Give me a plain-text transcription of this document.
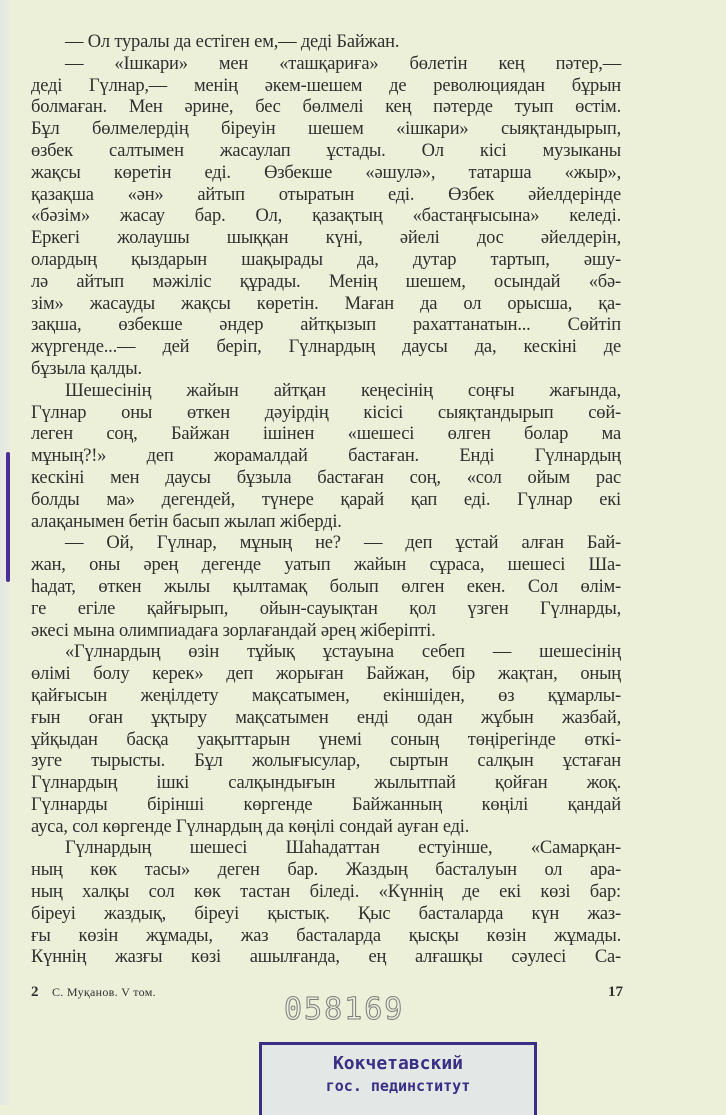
— Ол туралы да естіген ем,— деді Байжан.
— «Ішкари» мен «ташқариға» бөлетін кең пәтер,—
деді Гүлнар,— менің әкем-шешем де революциядан бұрын
болмаған. Мен әрине, бес бөлмелі кең пәтерде туып өстім.
Бұл бөлмелердің біреуін шешем «ішкари» сыяқтандырып,
өзбек салтымен жасаулап ұстады. Ол кісі музыканы
жақсы көретін еді. Өзбекше «әшулә», татарша «жыр»,
қазақша «ән» айтып отыратын еді. Өзбек әйелдерінде
«бәзім» жасау бар. Ол, қазақтың «бастаңғысына» келеді.
Еркегі жолаушы шыққан күні, әйелі дос әйелдерін,
олардың қыздарын шақырады да, дутар тартып, әшу-
лә айтып мәжіліс құрады. Менің шешем, осындай «бә-
зім» жасауды жақсы көретін. Маған да ол орысша, қа-
зақша, өзбекше әндер айтқызып рахаттанатын... Сөйтіп
жүргенде...— дей беріп, Гүлнардың даусы да, кескіні де
бұзыла қалды.
Шешесінің жайын айтқан кеңесінің соңғы жағында,
Гүлнар оны өткен дәуірдің кісісі сыяқтандырып сөй-
леген соң, Байжан ішінен «шешесі өлген болар ма
мұның?!» деп жорамалдай бастаған. Енді Гүлнардың
кескіні мен даусы бұзыла бастаған соң, «сол ойым рас
болды ма» дегендей, түнере қарай қап еді. Гүлнар екі
алақанымен бетін басып жылап жіберді.
— Ой, Гүлнар, мұның не? — деп ұстай алған Бай-
жан, оны әрең дегенде уатып жайын сұраса, шешесі Ша-
һадат, өткен жылы қылтамақ болып өлген екен. Сол өлім-
ге егіле қайғырып, ойын-сауықтан қол үзген Гүлнарды,
әкесі мына олимпиадаға зорлағандай әрең жіберіпті.
«Гүлнардың өзін тұйық ұстауына себеп — шешесінің
өлімі болу керек» деп жорыған Байжан, бір жақтан, оның
қайғысын жеңілдету мақсатымен, екіншіден, өз құмарлы-
ғын оған ұқтыру мақсатымен енді одан жұбын жазбай,
ұйқыдан басқа уақыттарын үнемі соның төңірегінде өткі-
зуге тырысты. Бұл жолығысулар, сыртын салқын ұстаған
Гүлнардың ішкі салқындығын жылытпай қойған жоқ.
Гүлнарды бірінші көргенде Байжанның көңілі қандай
ауса, сол көргенде Гүлнардың да көңілі сондай ауған еді.
Гүлнардың шешесі Шаһадаттан естуінше, «Самарқан-
ның көк тасы» деген бар. Жаздың басталуын ол ара-
ның халқы сол көк тастан біледі. «Күннің де екі көзі бар:
біреуі жаздық, біреуі қыстық. Қыс басталарда күн жаз-
ғы көзін жұмады, жаз басталарда қысқы көзін жұмады.
Күннің жазғы көзі ашылғанда, ең алғашқы сәулесі Са-
2 С. Муқанов. V том.	17
058169
Кокчетавский
гос. пединститут
